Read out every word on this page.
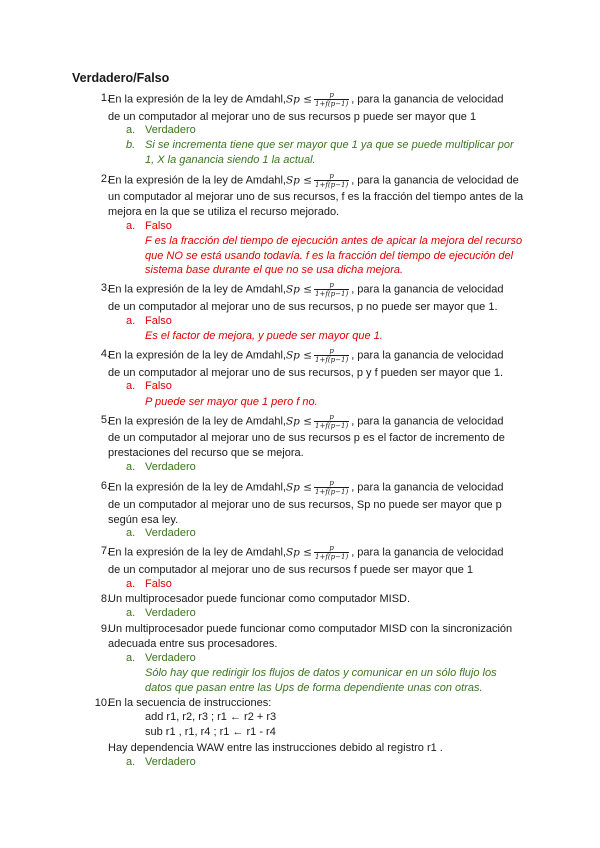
Verdadero/Falso
1.
En la expresión de la ley de Amdahl,Sp ≤ $\frac{p}{1+f(p-1)}$ , para la ganancia de velocidad
de un computador al mejorar uno de sus recursos p puede ser mayor que 1
a. Verdadero
b. Si se incrementa tiene que ser mayor que 1 ya que se puede multiplicar por
1, X la ganancia siendo 1 la actual.
2.
En la expresión de la ley de Amdahl,Sp ≤ $\frac{p}{1+f(p-1)}$ , para la ganancia de velocidad de
un computador al mejorar uno de sus recursos, f es la fracción del tiempo antes de la
mejora en la que se utiliza el recurso mejorado.
a. Falso
F es la fracción del tiempo de ejecución antes de apicar la mejora del recurso
que NO se está usando todavía. f es la fracción del tiempo de ejecución del
sistema base durante el que no se usa dicha mejora.
3.
En la expresión de la ley de Amdahl,Sp ≤ $\frac{p}{1+f(p-1)}$ , para la ganancia de velocidad
de un computador al mejorar uno de sus recursos, p no puede ser mayor que 1.
a. Falso
Es el factor de mejora, y puede ser mayor que 1.
4.
En la expresión de la ley de Amdahl,Sp ≤ $\frac{p}{1+f(p-1)}$ , para la ganancia de velocidad
de un computador al mejorar uno de sus recursos, p y f pueden ser mayor que 1.
a. Falso
P puede ser mayor que 1 pero f no.
5.
En la expresión de la ley de Amdahl,Sp ≤ $\frac{p}{1+f(p-1)}$ , para la ganancia de velocidad
de un computador al mejorar uno de sus recursos p es el factor de incremento de
prestaciones del recurso que se mejora.
a. Verdadero
6.
En la expresión de la ley de Amdahl,Sp ≤ $\frac{p}{1+f(p-1)}$ , para la ganancia de velocidad
de un computador al mejorar uno de sus recursos, Sp no puede ser mayor que p
según esa ley.
a. Verdadero
7.
En la expresión de la ley de Amdahl,Sp ≤ $\frac{p}{1+f(p-1)}$ , para la ganancia de velocidad
de un computador al mejorar uno de sus recursos f puede ser mayor que 1
a. Falso
8.
Un multiprocesador puede funcionar como computador MISD.
a. Verdadero
9.
Un multiprocesador puede funcionar como computador MISD con la sincronización
adecuada entre sus procesadores.
a. Verdadero
Sólo hay que redirigir los flujos de datos y comunicar en un sólo flujo los
datos que pasan entre las Ups de forma dependiente unas con otras.
10.
En la secuencia de instrucciones:
add r1, r2, r3 ; r1 ← r2 + r3
sub r1 , r1, r4 ; r1 ← r1 - r4
Hay dependencia WAW entre las instrucciones debido al registro r1 .
a. Verdadero
